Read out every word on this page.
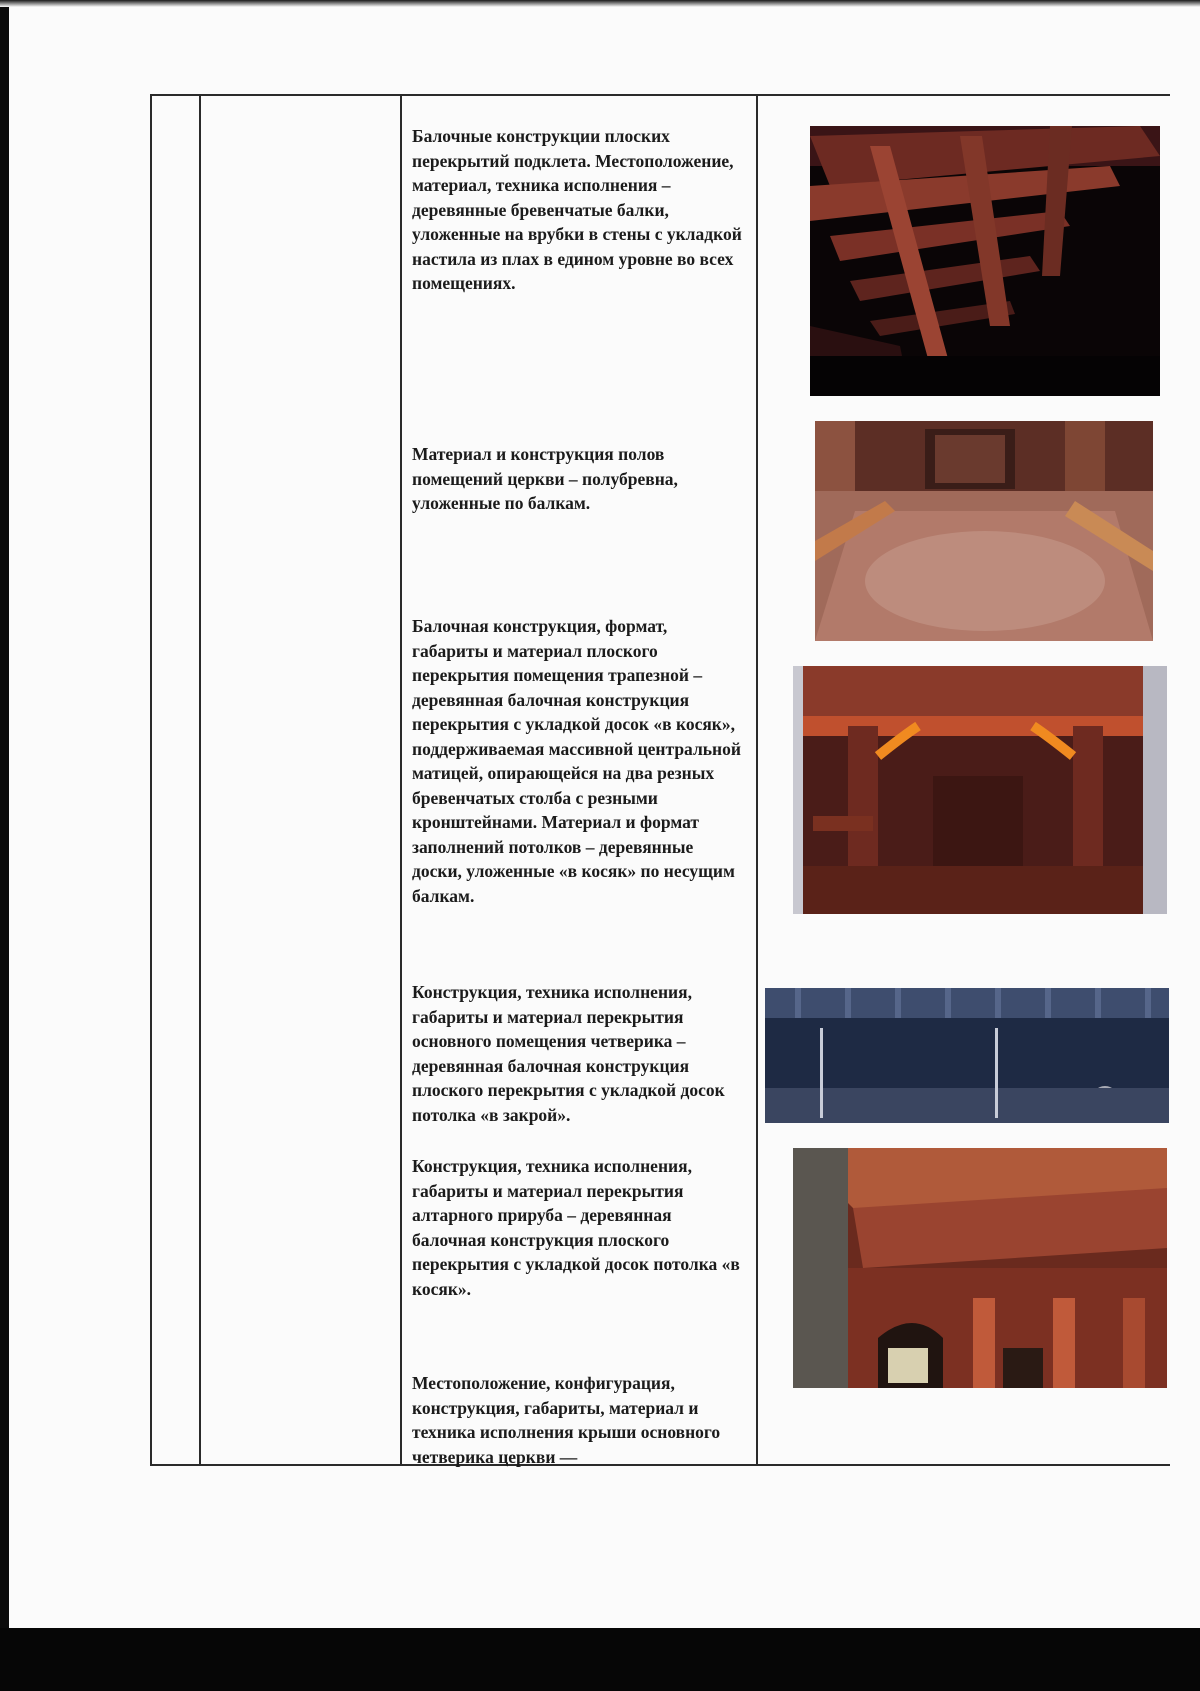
Балочные конструкции плоских перекрытий подклета. Местоположение, материал, техника исполнения – деревянные бревенчатые балки, уложенные на врубки в стены с укладкой настила из плах в едином уровне во всех помещениях.

Материал и конструкция полов помещений церкви – полубревна, уложенные по балкам.

Балочная конструкция, формат, габариты и материал плоского перекрытия помещения трапезной – деревянная балочная конструкция перекрытия с укладкой досок «в косяк», поддерживаемая массивной центральной матицей, опирающейся на два резных бревенчатых столба с резными кронштейнами. Материал и формат заполнений потолков – деревянные доски, уложенные «в косяк» по несущим балкам.

Конструкция, техника исполнения, габариты и материал перекрытия основного помещения четверика – деревянная балочная конструкция плоского перекрытия с укладкой досок потолка «в закрой».

Конструкция, техника исполнения, габариты и материал перекрытия алтарного прируба – деревянная балочная конструкция плоского перекрытия с укладкой досок потолка «в косяк».

Местоположение, конфигурация, конструкция, габариты, материал и техника исполнения крыши основного четверика церкви —
